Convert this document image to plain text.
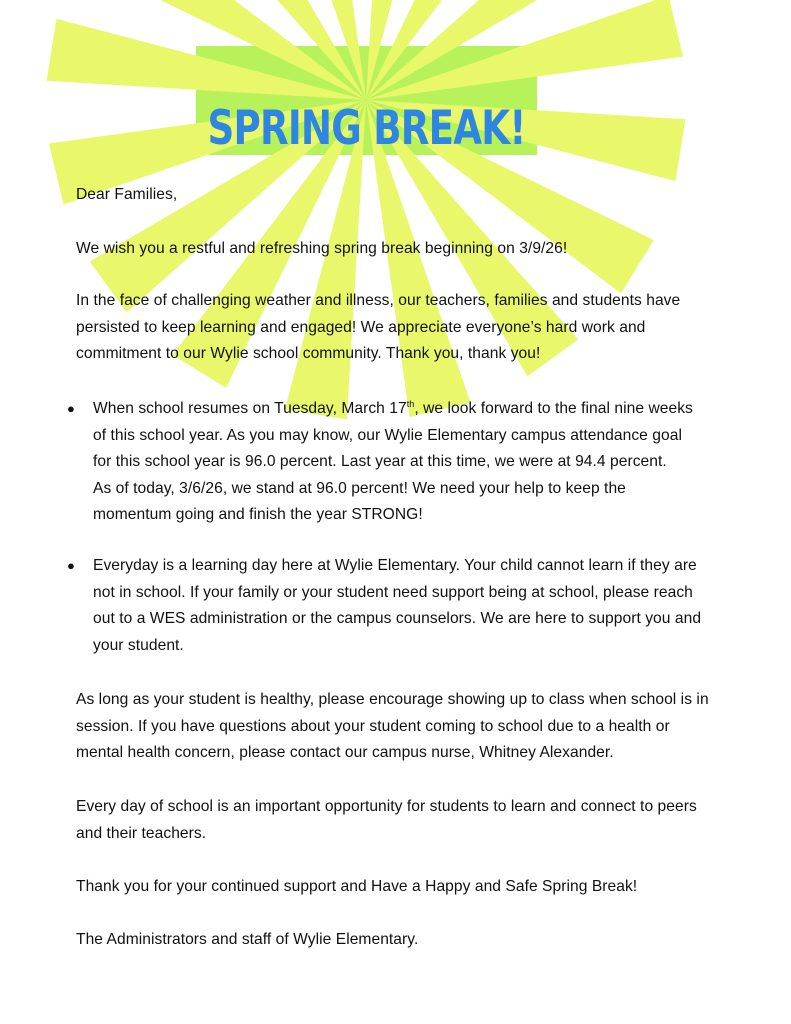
SPRING BREAK!
Dear Families,
We wish you a restful and refreshing spring break beginning on 3/9/26!
In the face of challenging weather and illness, our teachers, families and students have
persisted to keep learning and engaged! We appreciate everyone’s hard work and
commitment to our Wylie school community. Thank you, thank you!
● When school resumes on Tuesday, March 17th, we look forward to the final nine weeks
of this school year. As you may know, our Wylie Elementary campus attendance goal
for this school year is 96.0 percent. Last year at this time, we were at 94.4 percent.
As of today, 3/6/26, we stand at 96.0 percent! We need your help to keep the
momentum going and finish the year STRONG!
● Everyday is a learning day here at Wylie Elementary. Your child cannot learn if they are
not in school. If your family or your student need support being at school, please reach
out to a WES administration or the campus counselors. We are here to support you and
your student.
As long as your student is healthy, please encourage showing up to class when school is in
session. If you have questions about your student coming to school due to a health or
mental health concern, please contact our campus nurse, Whitney Alexander.
Every day of school is an important opportunity for students to learn and connect to peers
and their teachers.
Thank you for your continued support and Have a Happy and Safe Spring Break!
The Administrators and staff of Wylie Elementary.
